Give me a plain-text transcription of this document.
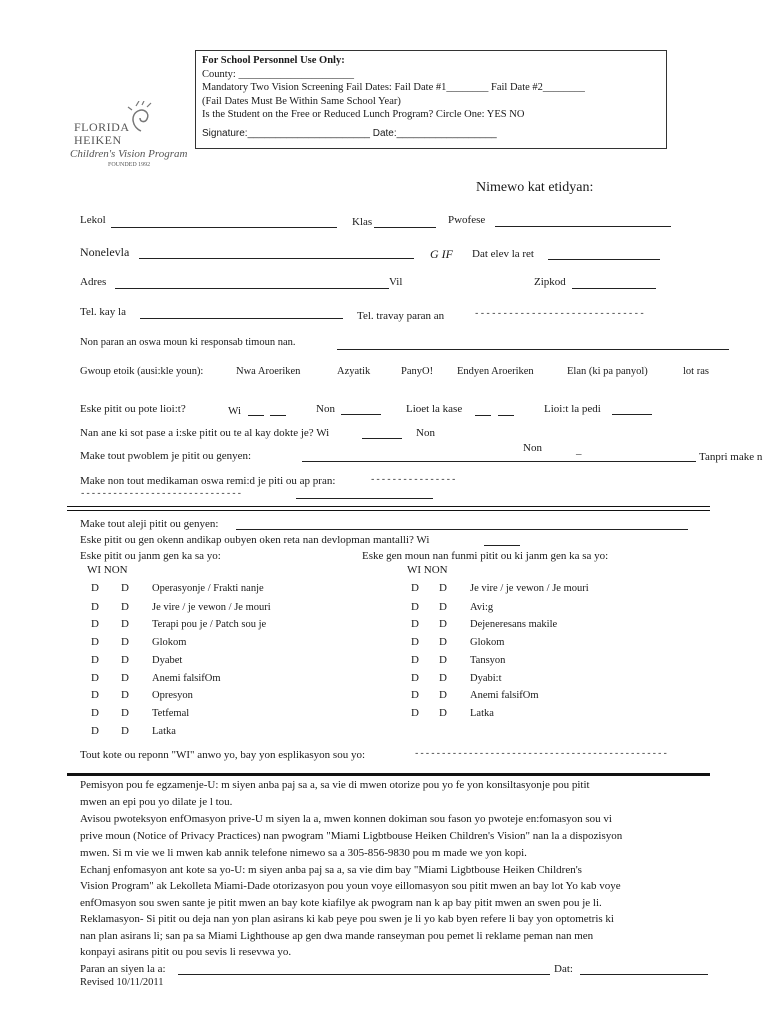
For School Personnel Use Only:
County: ______________________
Mandatory Two Vision Screening Fail Dates: Fail Date #1________ Fail Date #2________
(Fail Dates Must Be Within Same School Year)
Is the Student on the Free or Reduced Lunch Program? Circle One: YES NO
Signature:______________________ Date:__________________
FLORIDA
HEIKEN
Children's Vision Program
FOUNDED 1992
Nimewo kat etidyan:
Lekol	Klas	Pwofese
Nonelevla	G IF Dat elev la ret
Adres	Vil	Zipkod
Tel. kay la	Tel. travay paran an	------------------------------
Non paran an oswa moun ki responsab timoun nan.
Gwoup etoik (ausi:kle youn):	Nwa Aroeriken	Azyatik	PanyO! Endyen Aroeriken	Elan (ki pa panyol)	lot ras
Eske pitit ou pote lioi:t?	Wi	Non	Lioet la kase	Lioi:t la pedi
Nan ane ki sot pase a i:ske pitit ou te al kay dokte je? Wi	Non
Non	_
Make tout pwoblem je pitit ou genyen:	Tanpri make n
Make non tout medikaman oswa remi:d je piti ou ap pran:	----------------
------------------------------
Make tout aleji pitit ou genyen:
Eske pitit ou gen okenn andikap oubyen oken reta nan devlopman mantalli? Wi
Eske pitit ou janm gen ka sa yo:	Eske gen moun nan funmi pitit ou ki janm gen ka sa yo:
WI NON	WI NON
D D Operasyonje / Frakti nanje
D D Je vire / je vewon / Je mouri
D D Terapi pou je / Patch sou je
D D Glokom
D D Dyabet
D D Anemi falsifOm
D D Opresyon
D D Tetfemal
D D Latka
D D Je vire / je vewon / Je mouri
D D Avi:g
D D Dejeneresans makile
D D Glokom
D D Tansyon
D D Dyabi:t
D D Anemi falsifOm
D D Latka
Tout kote ou reponn "WI" anwo yo, bay yon esplikasyon sou yo:	-----------------------------------------------
Pemisyon pou fe egzamenje-U: m siyen anba paj sa a, sa vie di mwen otorize pou yo fe yon konsiltasyonje pou pitit
mwen an epi pou yo dilate je l tou.
Avisou pwoteksyon enfOmasyon prive-U m siyen la a, mwen konnen dokiman sou fason yo pwoteje en:fomasyon sou vi
prive moun (Notice of Privacy Practices) nan pwogram "Miami Ligbtbouse Heiken Children's Vision" nan la a dispozisyon
mwen. Si m vie we li mwen kab annik telefone nimewo sa a 305-856-9830 pou m made we yon kopi.
Echanj enfomasyon ant kote sa yo-U: m siyen anba paj sa a, sa vie dim bay "Miami Ligbtbouse Heiken Children's
Vision Program" ak Lekolleta Miami-Dade otorizasyon pou youn voye eillomasyon sou pitit mwen an bay lot Yo kab voye
enfOmasyon sou swen sante je pitit mwen an bay kote kiafilye ak pwogram nan k ap bay pitit mwen an swen pou je li.
Reklamasyon- Si pitit ou deja nan yon plan asirans ki kab peye pou swen je li yo kab byen refere li bay yon optometris ki
nan plan asirans li; san pa sa Miami Lighthouse ap gen dwa mande ranseyman pou pemet li reklame peman nan men
konpayi asirans pitit ou pou sevis li resevwa yo.
Paran an siyen la a:	Dat:
Revised 10/11/2011
